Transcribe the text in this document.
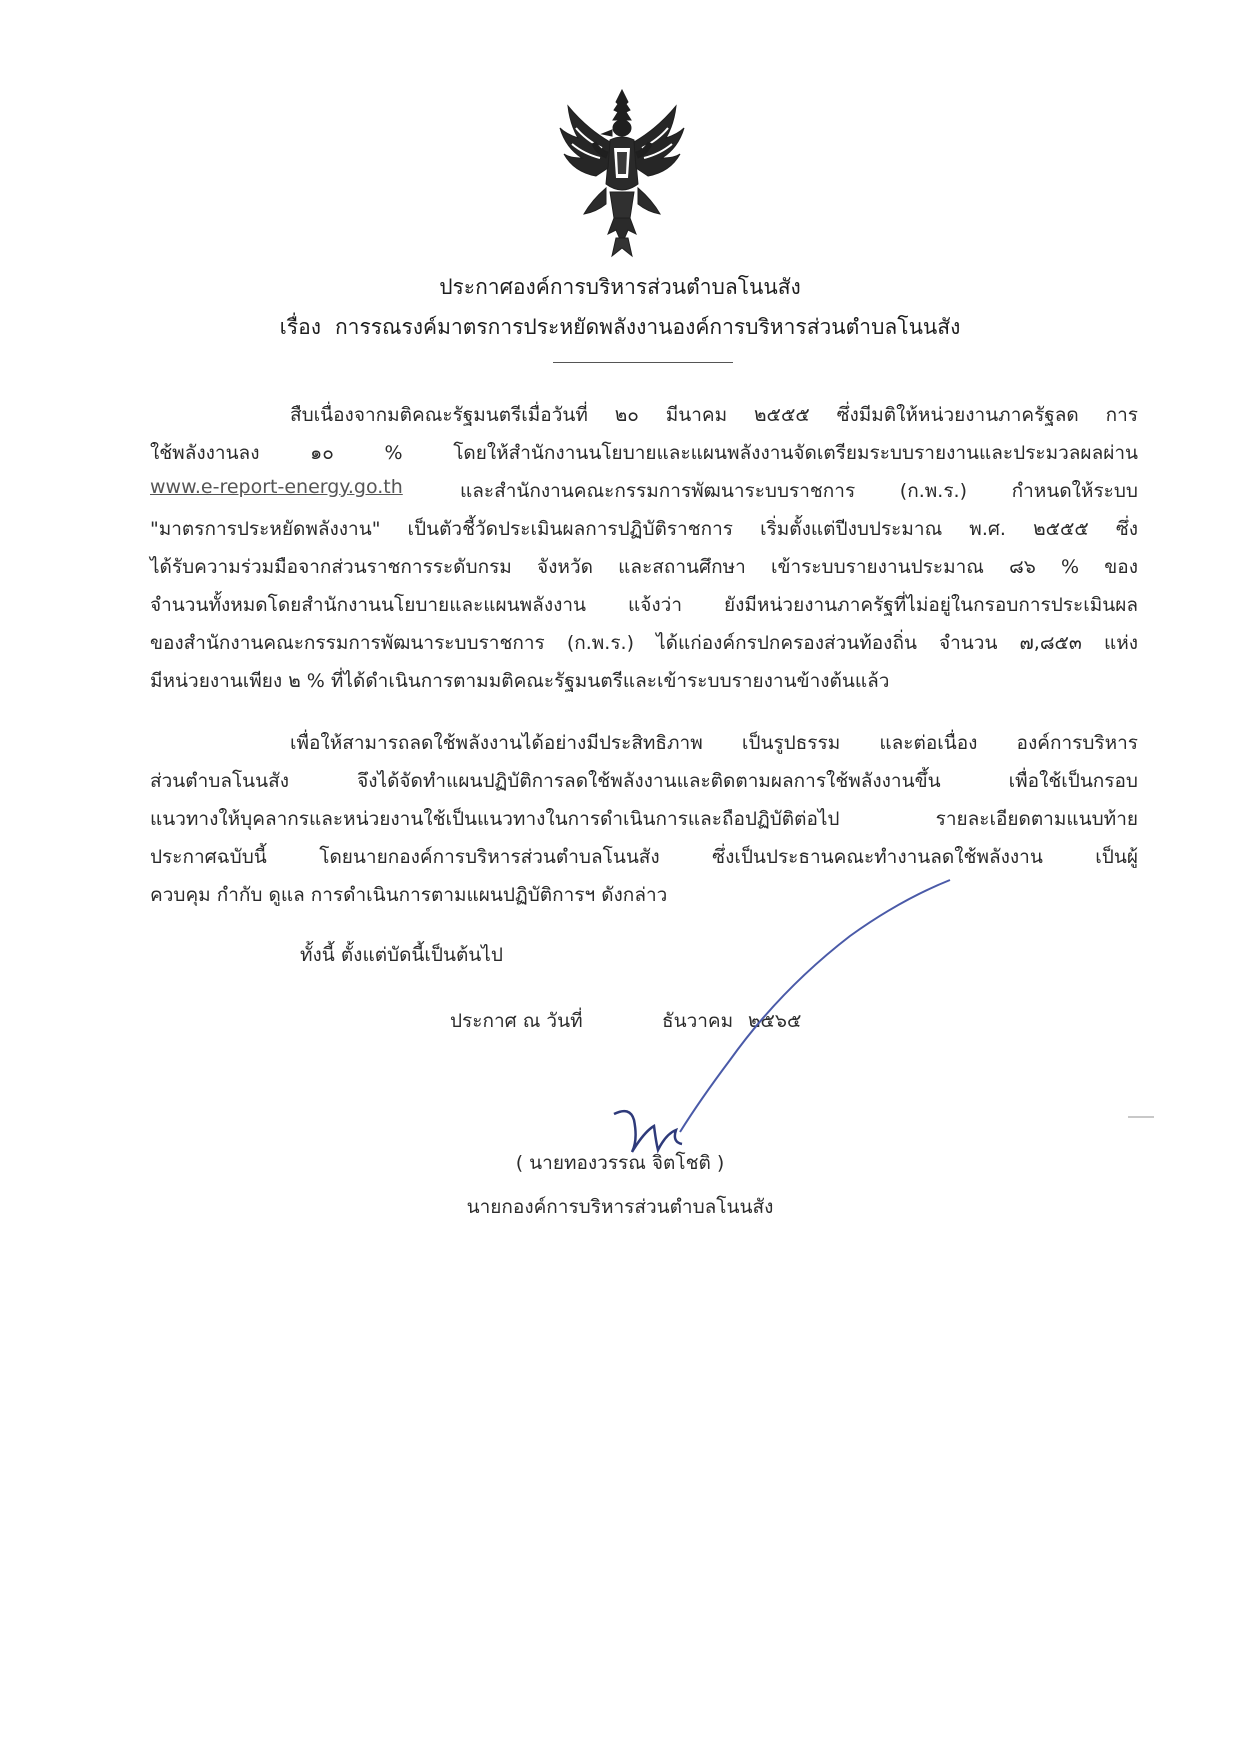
ประกาศองค์การบริหารส่วนตำบลโนนสัง
เรื่อง การรณรงค์มาตรการประหยัดพลังงานองค์การบริหารส่วนตำบลโนนสัง
สืบเนื่องจากมติคณะรัฐมนตรีเมื่อวันที่ ๒๐ มีนาคม ๒๕๕๕ ซึ่งมีมติให้หน่วยงานภาครัฐลด การ
ใช้พลังงานลง ๑๐ % โดยให้สำนักงานนโยบายและแผนพลังงานจัดเตรียมระบบรายงานและประมวลผลผ่าน
www.e-report-energy.go.th	และสำนักงานคณะกรรมการพัฒนาระบบราชการ (ก.พ.ร.) กำหนดให้ระบบ
"มาตรการประหยัดพลังงาน" เป็นตัวชี้วัดประเมินผลการปฏิบัติราชการ เริ่มตั้งแต่ปีงบประมาณ พ.ศ. ๒๕๕๕ ซึ่ง
ได้รับความร่วมมือจากส่วนราชการระดับกรม จังหวัด และสถานศึกษา เข้าระบบรายงานประมาณ ๘๖ % ของ
จำนวนทั้งหมดโดยสำนักงานนโยบายและแผนพลังงาน แจ้งว่า ยังมีหน่วยงานภาครัฐที่ไม่อยู่ในกรอบการประเมินผล
ของสำนักงานคณะกรรมการพัฒนาระบบราชการ (ก.พ.ร.) ได้แก่องค์กรปกครองส่วนท้องถิ่น จำนวน ๗,๘๕๓ แห่ง
มีหน่วยงานเพียง ๒ % ที่ได้ดำเนินการตามมติคณะรัฐมนตรีและเข้าระบบรายงานข้างต้นแล้ว
เพื่อให้สามารถลดใช้พลังงานได้อย่างมีประสิทธิภาพ เป็นรูปธรรม และต่อเนื่อง องค์การบริหาร
ส่วนตำบลโนนสัง จึงได้จัดทำแผนปฏิบัติการลดใช้พลังงานและติดตามผลการใช้พลังงานขึ้น เพื่อใช้เป็นกรอบ
แนวทางให้บุคลากรและหน่วยงานใช้เป็นแนวทางในการดำเนินการและถือปฏิบัติต่อไป รายละเอียดตามแนบท้าย
ประกาศฉบับนี้ โดยนายกองค์การบริหารส่วนตำบลโนนสัง ซึ่งเป็นประธานคณะทำงานลดใช้พลังงาน เป็นผู้
ควบคุม กำกับ ดูแล การดำเนินการตามแผนปฏิบัติการฯ ดังกล่าว
ทั้งนี้ ตั้งแต่บัดนี้เป็นต้นไป
ประกาศ ณ วันที่	ธันวาคม ๒๕๖๕
( นายทองวรรณ จิตโชติ )
นายกองค์การบริหารส่วนตำบลโนนสัง
